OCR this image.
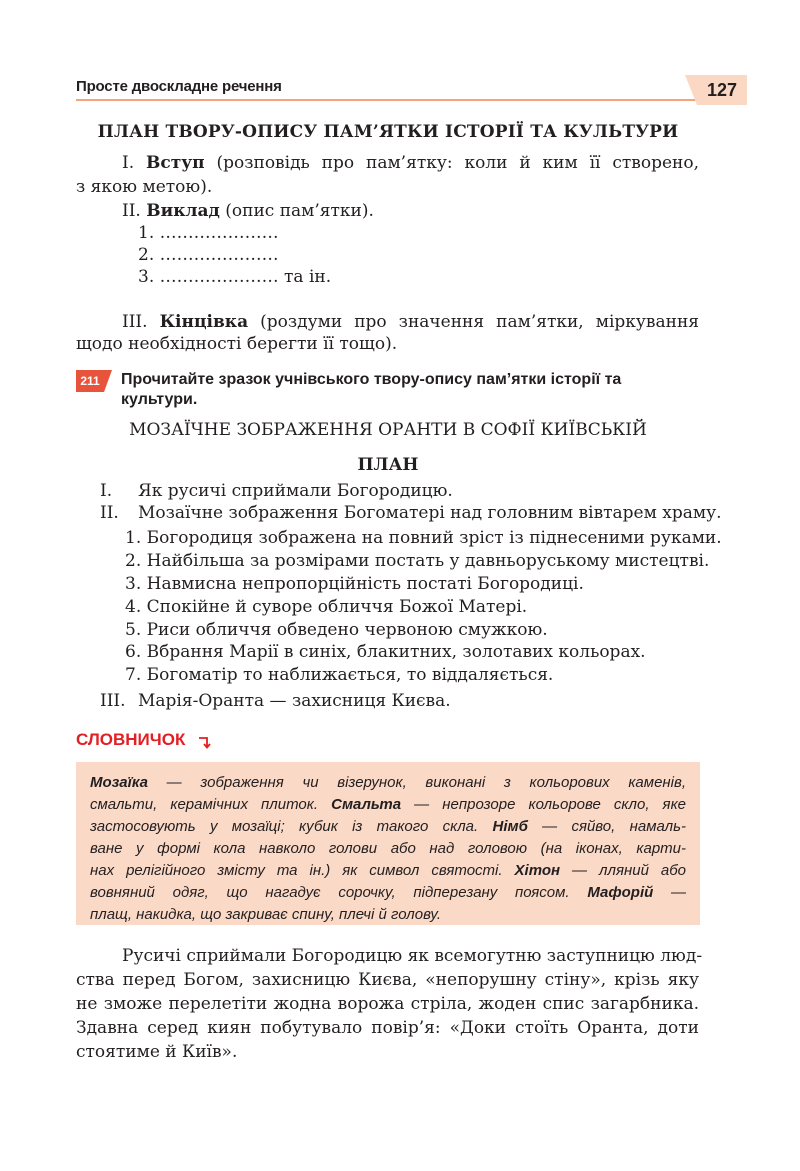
Просте двоскладне речення	127
ПЛАН ТВОРУ-ОПИСУ ПАМ’ЯТКИ ІСТОРІЇ ТА КУЛЬТУРИ
I. Вступ (розповідь про пам’ятку: коли й ким її створено,
з якою метою).
II. Виклад (опис пам’ятки).
1. …………………
2. …………………
3. ………………… та ін.
III. Кінцівка (роздуми про значення пам’ятки, міркування
щодо необхідності берегти її тощо).
211 Прочитайте зразок учнівського твору-опису пам’ятки історії та
культури.
МОЗАЇЧНЕ ЗОБРАЖЕННЯ ОРАНТИ В СОФІЇ КИЇВСЬКІЙ
ПЛАН
I. Як русичі сприймали Богородицю.
II. Мозаїчне зображення Богоматері над головним вівтарем храму.
1. Богородиця зображена на повний зріст із піднесеними руками.
2. Найбільша за розмірами постать у давньоруському мистецтві.
3. Навмисна непропорційність постаті Богородиці.
4. Спокійне й суворе обличчя Божої Матері.
5. Риси обличчя обведено червоною смужкою.
6. Вбрання Марії в синіх, блакитних, золотавих кольорах.
7. Богоматір то наближається, то віддаляється.
III. Марія-Оранта — захисниця Києва.
СЛОВНИЧОК
Мозаїка — зображення чи візерунок, виконані з кольорових каменів,
смальти, керамічних плиток. Смальта — непрозоре кольорове скло, яке
застосовують у мозаїці; кубик із такого скла. Німб — сяйво, намаль-
ване у формі кола навколо голови або над головою (на іконах, карти-
нах релігійного змісту та ін.) як символ святості. Хітон — лляний або
вовняний одяг, що нагадує сорочку, підперезану поясом. Мафорій —
плащ, накидка, що закриває спину, плечі й голову.
Русичі сприймали Богородицю як всемогутню заступницю люд-
ства перед Богом, захисницю Києва, «непорушну стіну», крізь яку
не зможе перелетіти жодна ворожа стріла, жоден спис загарбника.
Здавна серед киян побутувало повір’я: «Доки стоїть Оранта, доти
стоятиме й Київ».
